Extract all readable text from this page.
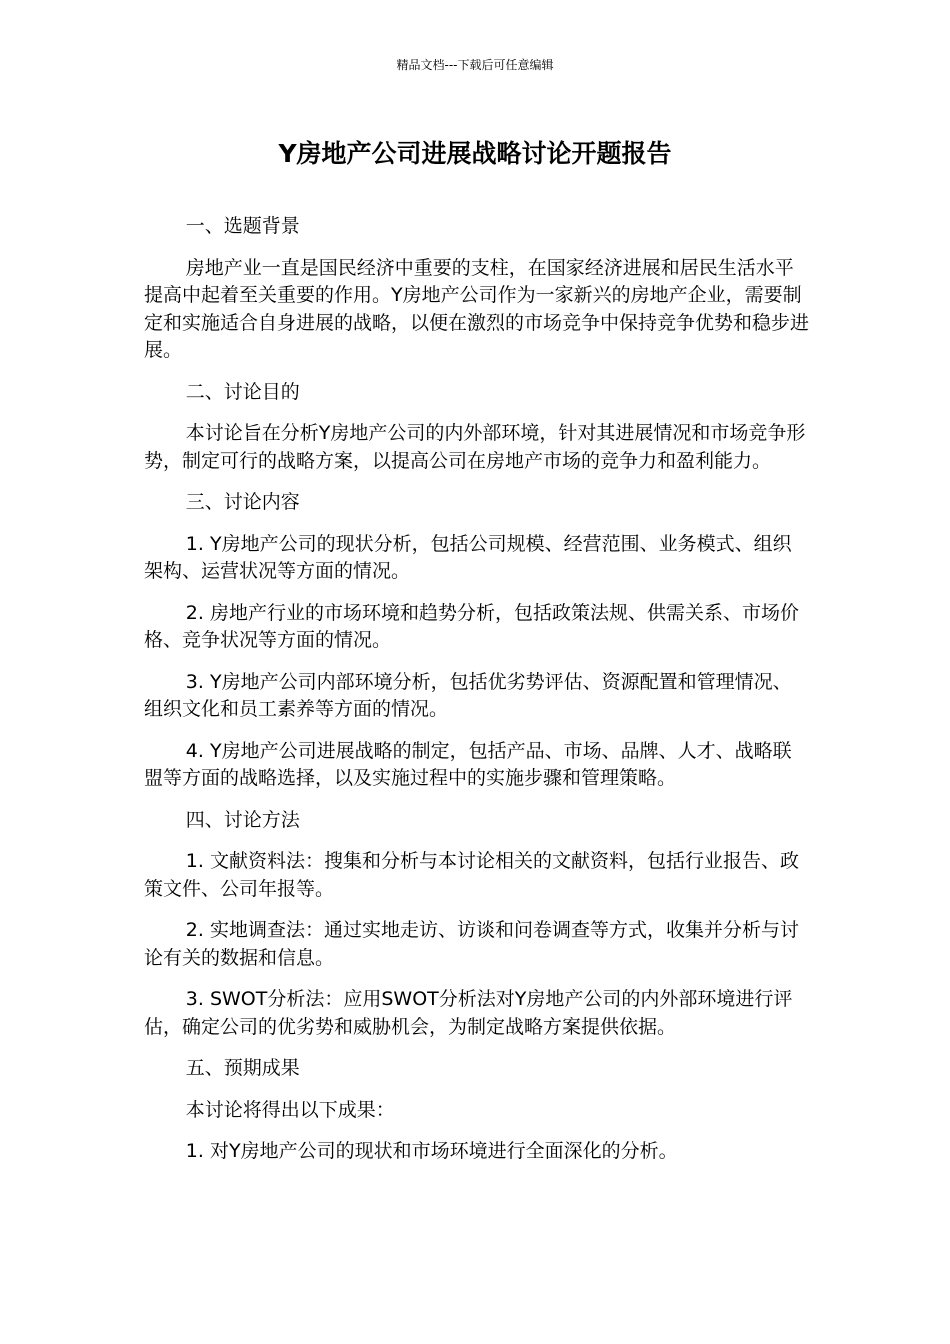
精品文档---下载后可任意编辑
Y房地产公司进展战略讨论开题报告

一、选题背景

房地产业一直是国民经济中重要的支柱，在国家经济进展和居民生活水平提高中起着至关重要的作用。Y房地产公司作为一家新兴的房地产企业，需要制定和实施适合自身进展的战略，以便在激烈的市场竞争中保持竞争优势和稳步进展。

二、讨论目的

本讨论旨在分析Y房地产公司的内外部环境，针对其进展情况和市场竞争形势，制定可行的战略方案，以提高公司在房地产市场的竞争力和盈利能力。

三、讨论内容

1. Y房地产公司的现状分析，包括公司规模、经营范围、业务模式、组织架构、运营状况等方面的情况。

2. 房地产行业的市场环境和趋势分析，包括政策法规、供需关系、市场价格、竞争状况等方面的情况。

3. Y房地产公司内部环境分析，包括优劣势评估、资源配置和管理情况、组织文化和员工素养等方面的情况。

4. Y房地产公司进展战略的制定，包括产品、市场、品牌、人才、战略联盟等方面的战略选择，以及实施过程中的实施步骤和管理策略。

四、讨论方法

1. 文献资料法：搜集和分析与本讨论相关的文献资料，包括行业报告、政策文件、公司年报等。

2. 实地调查法：通过实地走访、访谈和问卷调查等方式，收集并分析与讨论有关的数据和信息。

3. SWOT分析法：应用SWOT分析法对Y房地产公司的内外部环境进行评估，确定公司的优劣势和威胁机会，为制定战略方案提供依据。

五、预期成果

本讨论将得出以下成果：

1. 对Y房地产公司的现状和市场环境进行全面深化的分析。
